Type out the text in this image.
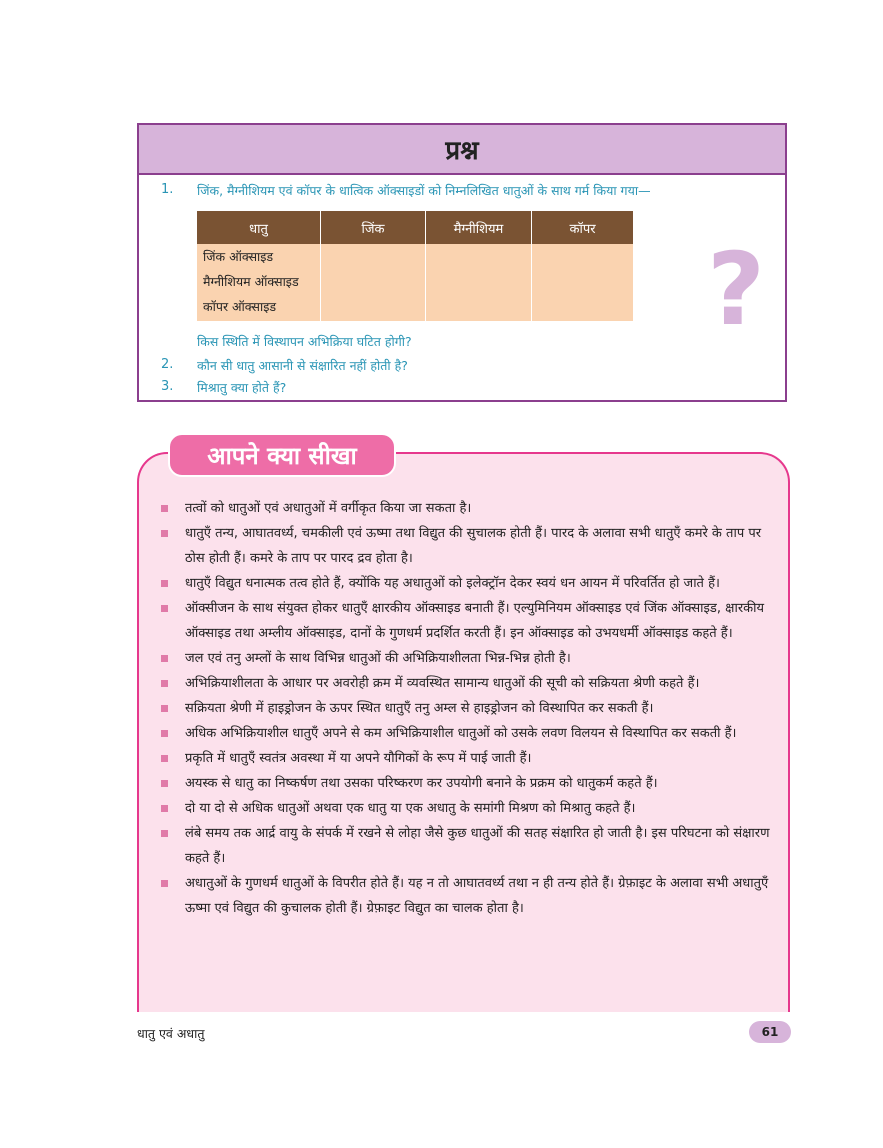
प्रश्न
1. जिंक, मैग्नीशियम एवं कॉपर के धात्विक ऑक्साइडों को निम्नलिखित धातुओं के साथ गर्म किया गया—
धातु	जिंक	मैग्नीशियम	कॉपर

जिंक ऑक्साइड
मैग्नीशियम ऑक्साइड
कॉपर ऑक्साइड			
				?
किस स्थिति में विस्थापन अभिक्रिया घटित होगी?
2. कौन सी धातु आसानी से संक्षारित नहीं होती है?
3. मिश्रातु क्या होते हैं?
तत्वों को धातुओं एवं अधातुओं में वर्गीकृत किया जा सकता है।
धातुएँ तन्य, आघातवर्ध्य, चमकीली एवं ऊष्मा तथा विद्युत की सुचालक होती हैं। पारद के अलावा सभी धातुएँ कमरे के ताप पर ठोस होती हैं। कमरे के ताप पर पारद द्रव होता है।
धातुएँ विद्युत धनात्मक तत्व होते हैं, क्योंकि यह अधातुओं को इलेक्ट्रॉन देकर स्वयं धन आयन में परिवर्तित हो जाते हैं।
ऑक्सीजन के साथ संयुक्त होकर धातुएँ क्षारकीय ऑक्साइड बनाती हैं। एल्युमिनियम ऑक्साइड एवं जिंक ऑक्साइड, क्षारकीय ऑक्साइड तथा अम्लीय ऑक्साइड, दानों के गुणधर्म प्रदर्शित करती हैं। इन ऑक्साइड को उभयधर्मी ऑक्साइड कहते हैं।
जल एवं तनु अम्लों के साथ विभिन्न धातुओं की अभिक्रियाशीलता भिन्न-भिन्न होती है।
अभिक्रियाशीलता के आधार पर अवरोही क्रम में व्यवस्थित सामान्य धातुओं की सूची को सक्रियता श्रेणी कहते हैं।
सक्रियता श्रेणी में हाइड्रोजन के ऊपर स्थित धातुएँ तनु अम्ल से हाइड्रोजन को विस्थापित कर सकती हैं।
अधिक अभिक्रियाशील धातुएँ अपने से कम अभिक्रियाशील धातुओं को उसके लवण विलयन से विस्थापित कर सकती हैं।
प्रकृति में धातुएँ स्वतंत्र अवस्था में या अपने यौगिकों के रूप में पाई जाती हैं।
अयस्क से धातु का निष्कर्षण तथा उसका परिष्करण कर उपयोगी बनाने के प्रक्रम को धातुकर्म कहते हैं।
दो या दो से अधिक धातुओं अथवा एक धातु या एक अधातु के समांगी मिश्रण को मिश्रातु कहते हैं।
लंबे समय तक आर्द्र वायु के संपर्क में रखने से लोहा जैसे कुछ धातुओं की सतह संक्षारित हो जाती है। इस परिघटना को संक्षारण कहते हैं।
अधातुओं के गुणधर्म धातुओं के विपरीत होते हैं। यह न तो आघातवर्ध्य तथा न ही तन्य होते हैं। ग्रेफ़ाइट के अलावा सभी अधातुएँ ऊष्मा एवं विद्युत की कुचालक होती हैं। ग्रेफ़ाइट विद्युत का चालक होता है।
आपने क्या सीखा
धातु एवं अधातु	61
